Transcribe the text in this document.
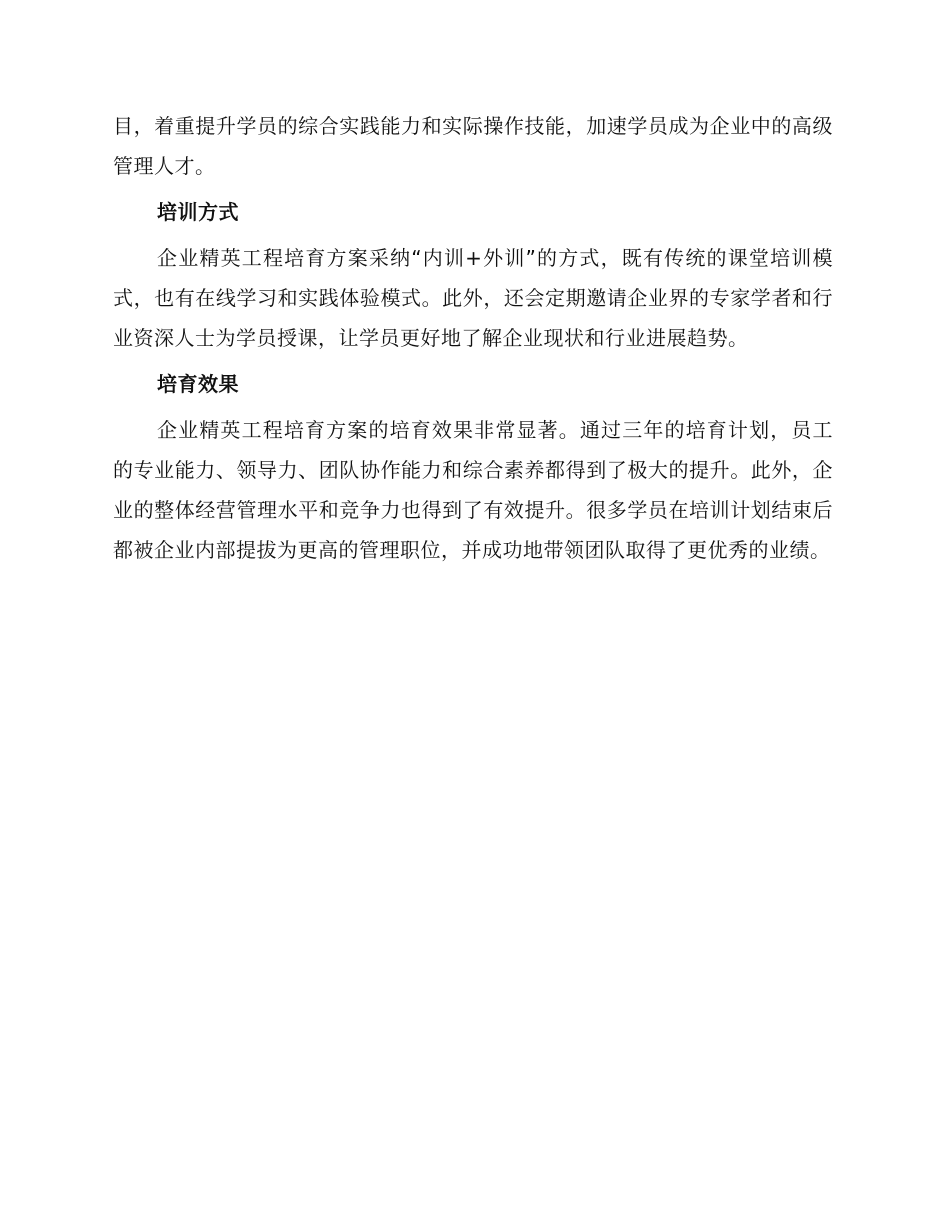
目，着重提升学员的综合实践能力和实际操作技能，加速学员成为企业中的高级管理人才。

培训方式

企业精英工程培育方案采纳“内训+外训”的方式，既有传统的课堂培训模式，也有在线学习和实践体验模式。此外，还会定期邀请企业界的专家学者和行业资深人士为学员授课，让学员更好地了解企业现状和行业进展趋势。

培育效果

企业精英工程培育方案的培育效果非常显著。通过三年的培育计划，员工的专业能力、领导力、团队协作能力和综合素养都得到了极大的提升。此外，企业的整体经营管理水平和竞争力也得到了有效提升。很多学员在培训计划结束后都被企业内部提拔为更高的管理职位，并成功地带领团队取得了更优秀的业绩。
